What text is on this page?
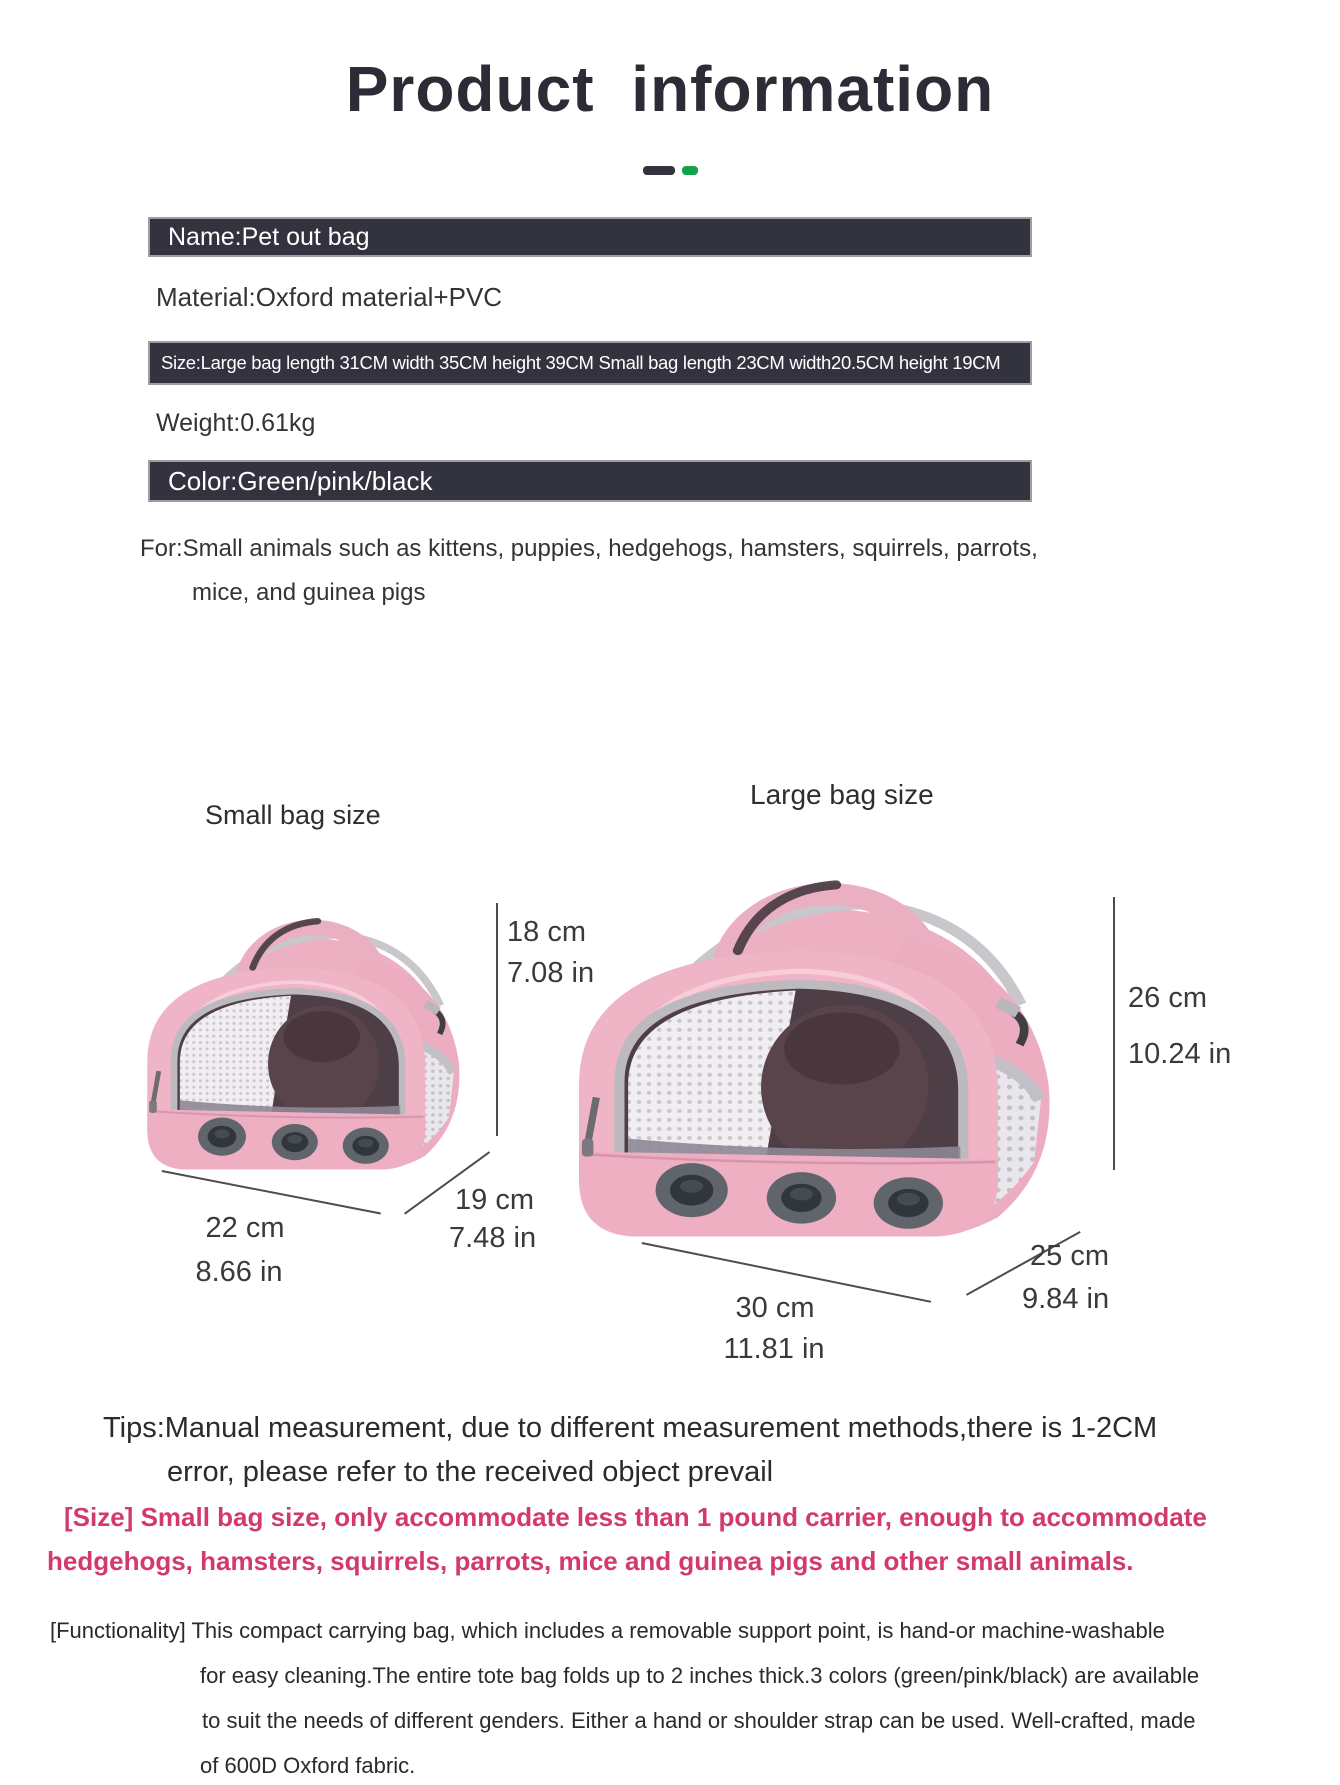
Product information
Name:Pet out bag
Material:Oxford material+PVC
Size:Large bag length 31CM width 35CM height 39CM Small bag length 23CM width20.5CM height 19CM
Weight:0.61kg
Color:Green/pink/black
For:Small animals such as kittens, puppies, hedgehogs, hamsters, squirrels, parrots,
mice, and guinea pigs
Small bag size
Large bag size
18 cm
7.08 in
22 cm
8.66 in
19 cm
7.48 in
26 cm
10.24 in
30 cm
11.81 in
25 cm
9.84 in
Tips:Manual measurement, due to different measurement methods,there is 1-2CM
error, please refer to the received object prevail
[Size] Small bag size, only accommodate less than 1 pound carrier, enough to accommodate
hedgehogs, hamsters, squirrels, parrots, mice and guinea pigs and other small animals.
[Functionality] This compact carrying bag, which includes a removable support point, is hand-or machine-washable
for easy cleaning.The entire tote bag folds up to 2 inches thick.3 colors (green/pink/black) are available
to suit the needs of different genders. Either a hand or shoulder strap can be used. Well-crafted, made
of 600D Oxford fabric.
